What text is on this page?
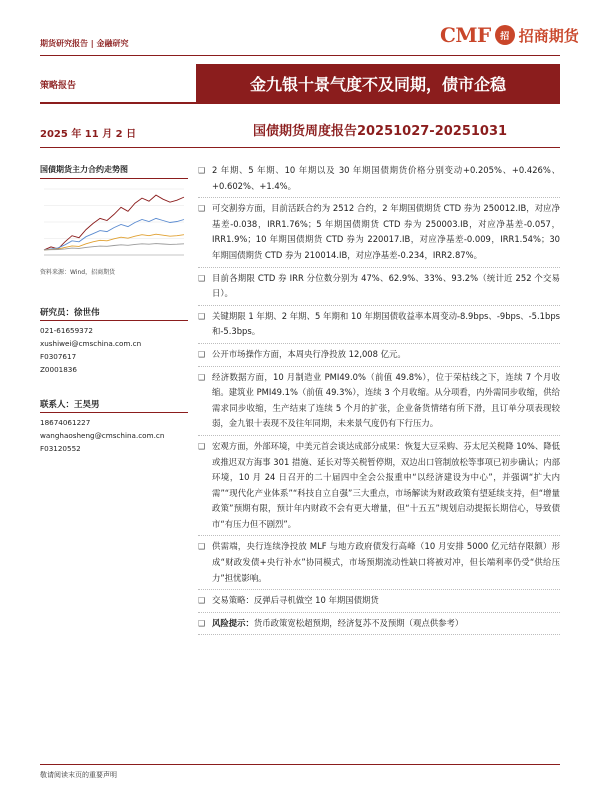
期货研究报告 | 金融研究	CMF	招 招商期货
策略报告	金九银十景气度不及同期，债市企稳
2025 年 11 月 2 日	国债期货周度报告20251027-20251031
国债期货主力合约走势图
资料来源：Wind，招商期货
研究员：徐世伟
021-61659372
xushiwei@cmschina.com.cn
F0307617
Z0001836
联系人：王昊男
18674061227
wanghaosheng@cmschina.com.cn
F03120552
❑ 2 年期、5 年期、10 年期以及 30 年期国债期货价格分别变动+0.205%、+0.426%、+0.602%、+1.4%。
❑ 可交割券方面，目前活跃合约为 2512 合约，2 年期国债期货 CTD 券为 250012.IB，对应净基差-0.038，IRR1.76%；5 年期国债期货 CTD 券为 250003.IB，对应净基差-0.057，IRR1.9%；10 年期国债期货 CTD 券为 220017.IB，对应净基差-0.009，IRR1.54%；30 年期国债期货 CTD 券为 210014.IB，对应净基差-0.234，IRR2.87%。
❑ 目前各期限 CTD 券 IRR 分位数分别为 47%、62.9%、33%、93.2%（统计近 252 个交易日）。
❑ 关键期限 1 年期、2 年期、5 年期和 10 年期国债收益率本周变动-8.9bps、-9bps、-5.1bps 和-5.3bps。
❑ 公开市场操作方面，本周央行净投放 12,008 亿元。
❑ 经济数据方面，10 月制造业 PMI49.0%（前值 49.8%），位于荣枯线之下，连续 7 个月收缩。建筑业 PMI49.1%（前值 49.3%），连续 3 个月收缩。从分项看，内外需同步收缩，供给需求同步收缩，生产结束了连续 5 个月的扩张，企业备货情绪有所下滑，且订单分项表现较弱，金九银十表现不及往年同期，未来景气度仍有下行压力。
❑ 宏观方面，外部环境，中美元首会谈达成部分成果：恢复大豆采购、芬太尼关税降 10%、降低或推迟双方海事 301 措施、延长对等关税暂停期，双边出口管制放松等事项已初步确认；内部环境，10 月 24 日召开的二十届四中全会公报重申“以经济建设为中心”，并强调“扩大内需”“现代化产业体系”“科技自立自强”三大重点，市场解读为财政政策有望延续支持，但“增量政策”预期有限，预计年内财政不会有更大增量，但“十五五”规划启动提振长期信心，导致债市“有压力但不剧烈”。
❑ 供需端，央行连续净投放 MLF 与地方政府债发行高峰（10 月安排 5000 亿元结存限额）形成“财政发债+央行补水”协同模式，市场预期流动性缺口将被对冲，但长端利率仍受“供给压力”担忧影响。
❑ 交易策略：反弹后寻机做空 10 年期国债期货
❑ 风险提示：货币政策宽松超预期，经济复苏不及预期（观点供参考）
敬请阅读末页的重要声明
